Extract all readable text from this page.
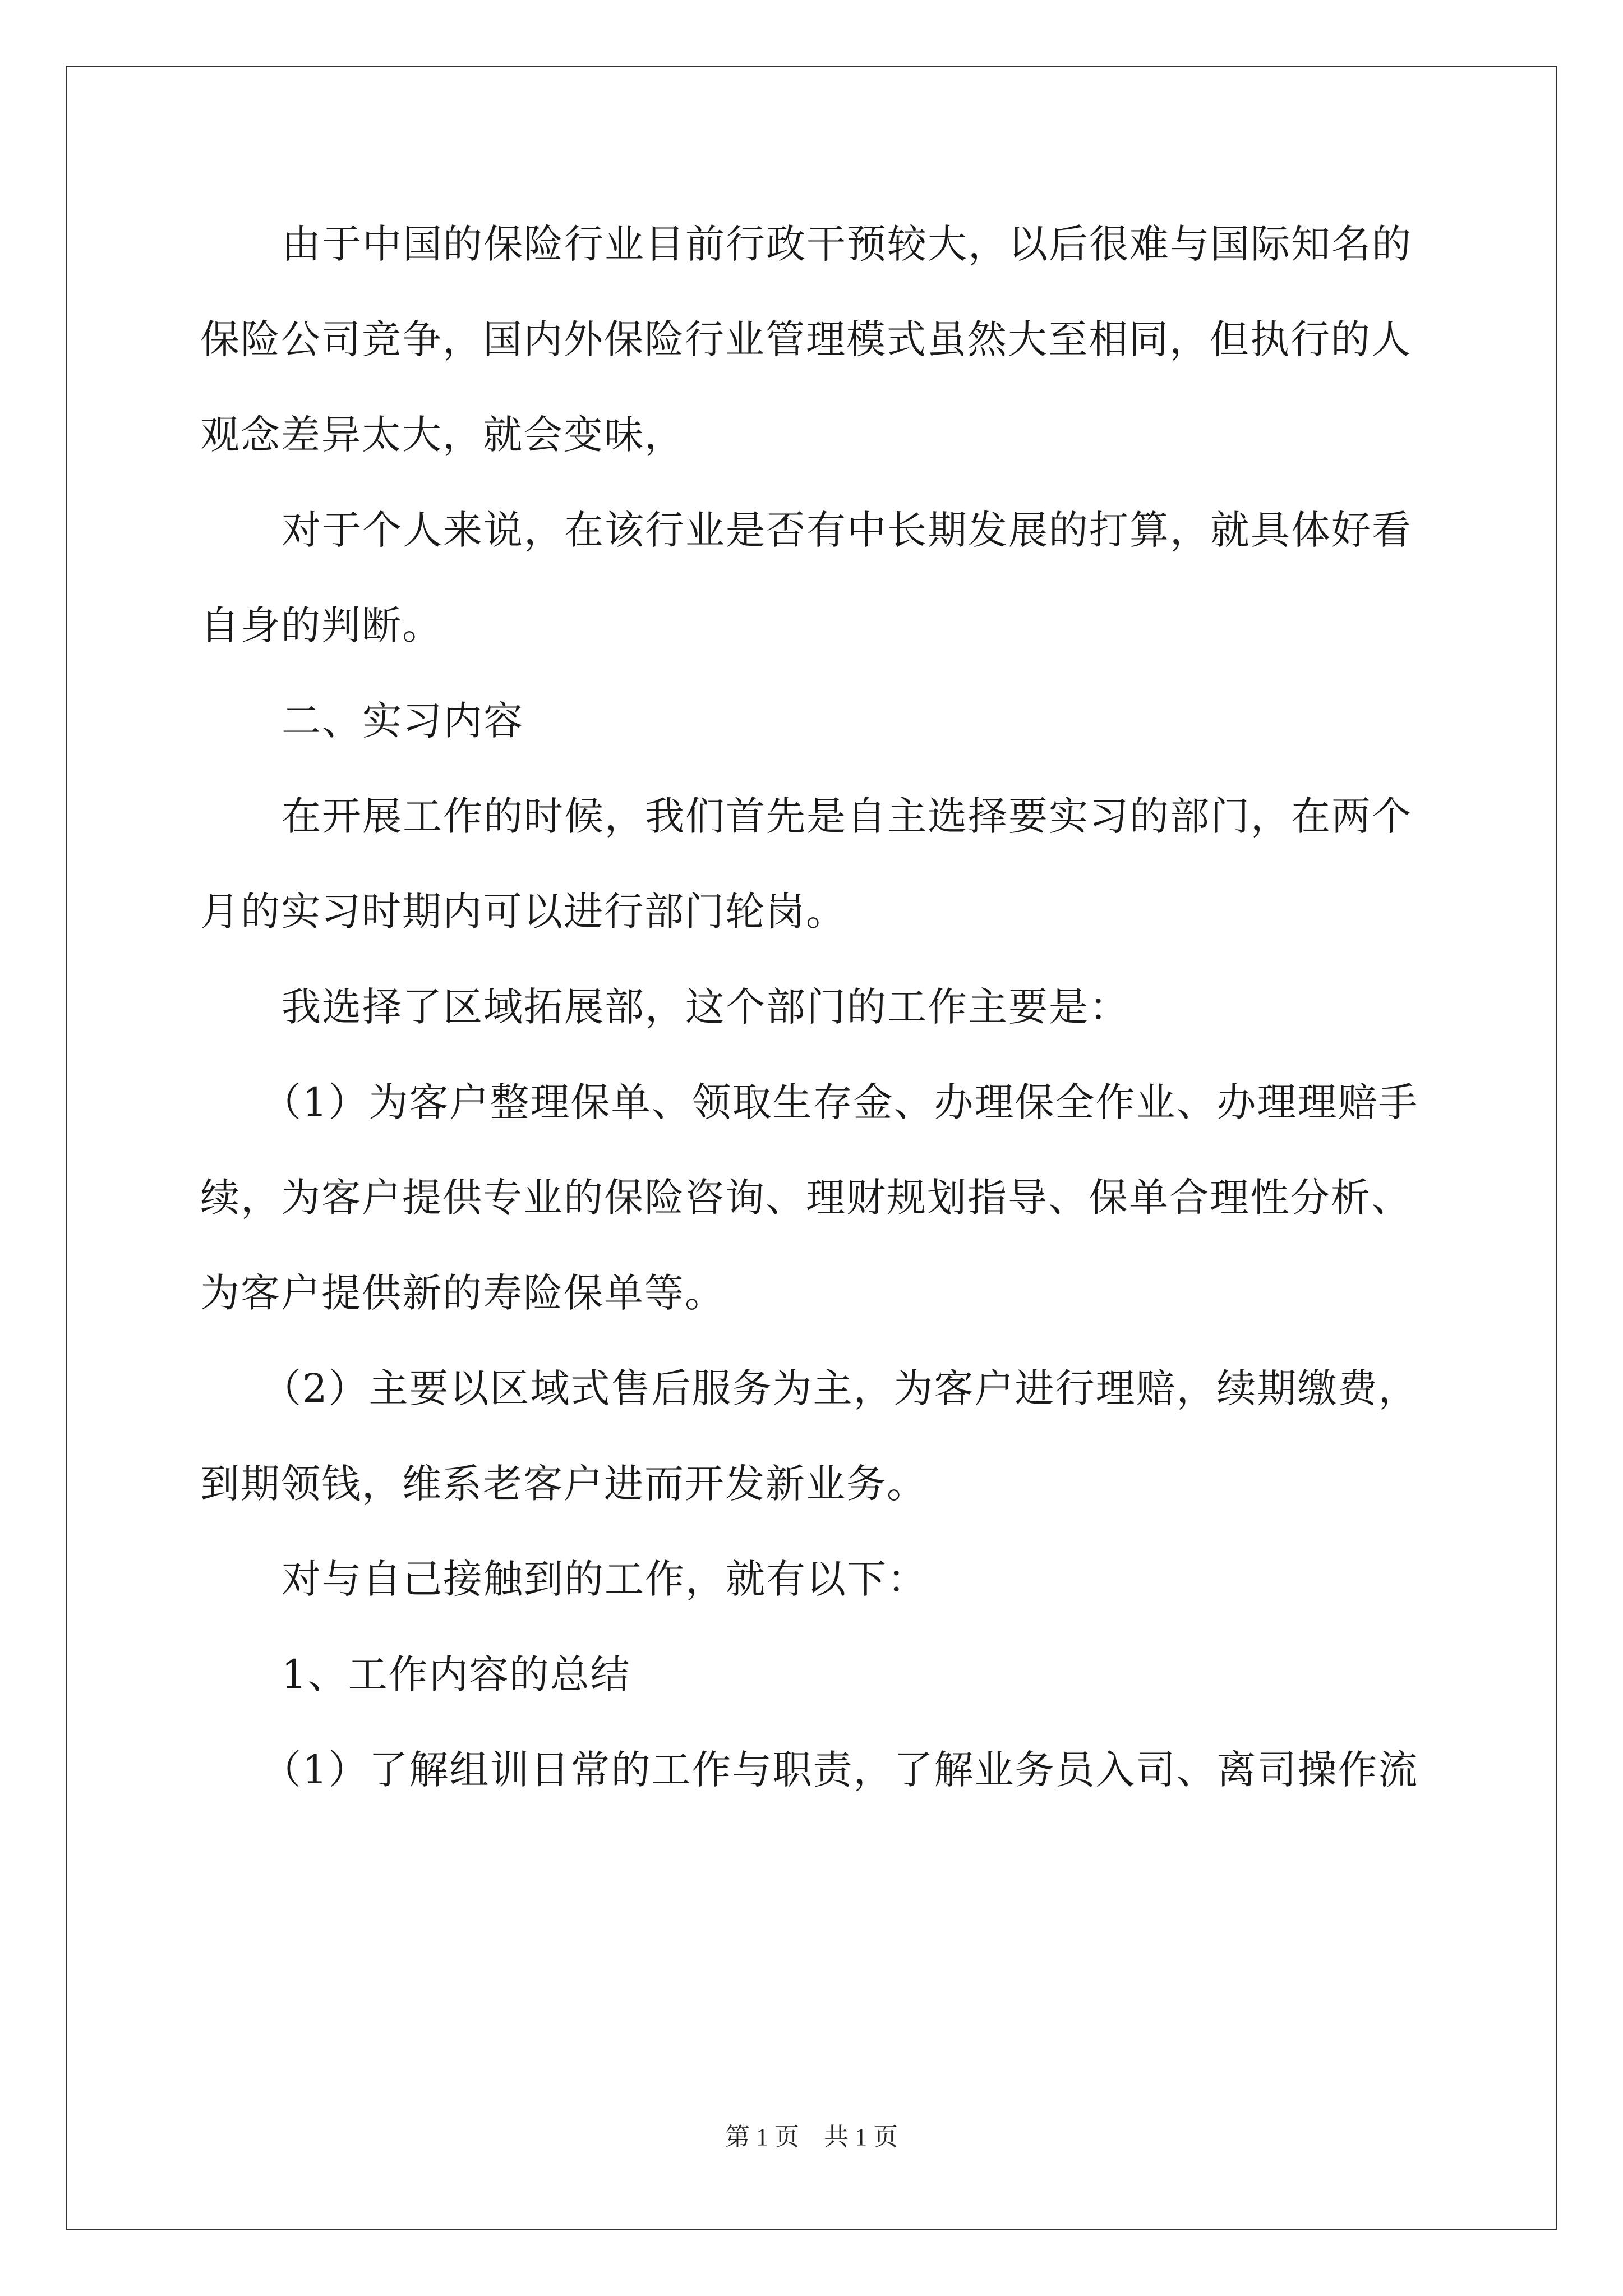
由于中国的保险行业目前行政干预较大，以后很难与国际知名的
保险公司竞争，国内外保险行业管理模式虽然大至相同，但执行的人
观念差异太大，就会变味，
对于个人来说，在该行业是否有中长期发展的打算，就具体好看
自身的判断。
二、实习内容
在开展工作的时候，我们首先是自主选择要实习的部门，在两个
月的实习时期内可以进行部门轮岗。
我选择了区域拓展部，这个部门的工作主要是：
（1）为客户整理保单、领取生存金、办理保全作业、办理理赔手
续，为客户提供专业的保险咨询、理财规划指导、保单合理性分析、
为客户提供新的寿险保单等。
（2）主要以区域式售后服务为主，为客户进行理赔，续期缴费，
到期领钱，维系老客户进而开发新业务。
对与自己接触到的工作，就有以下：
1、工作内容的总结
（1）了解组训日常的工作与职责，了解业务员入司、离司操作流
第 1 页    共 1 页
